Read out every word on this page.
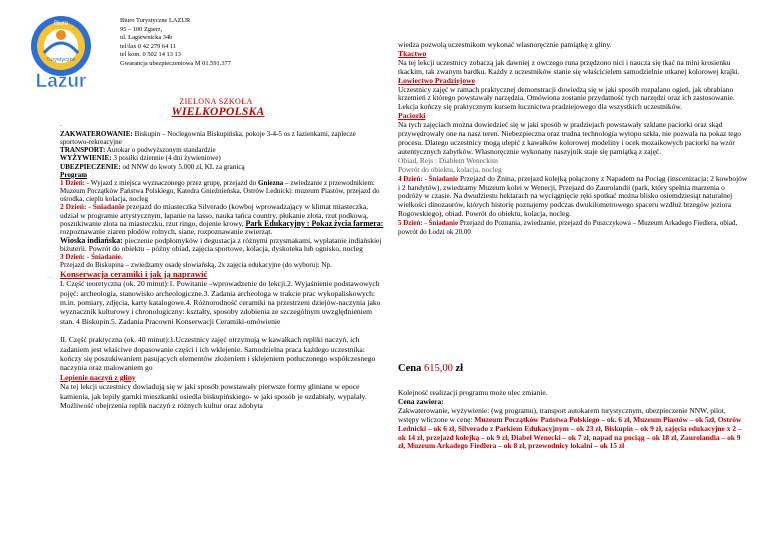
Biuro
Turystyczne
Lazur
Biuro Turystyczne LAZUR
95 – 100 Zgierz,
ul. Łagiewnicka 34b
tel/fax 0 42 279 64 11
tel kom. 0 502 14 13 13
Gwarancja ubezpieczeniowa M 01.591.377
ZIELONA SZKOŁA
WIELKOPOLSKA

-

ZAKWATEROWANIE: Biskupin – Noclegownia Biskupińska, pokoje 3-4-5 os z łazienkami, zaplecze sportowo-rekreacyjne

TRANSPORT: Autokar o podwyższonym standardzie

WYŻYWIENIE: 3 posiłki dziennie (4 dni żywieniowe)

UBEZPIECZENIE: od NNW do kwoty 5.000 zł, KL za granicą

Program

1 Dzień: - Wyjazd z miejsca wyznaczonego przez grupę, przejazd do Gniezna – zwiedzanie z przewodnikiem: Muzeum Początków Państwa Polskiego, Katedra Gnieźnieńska, Ostrów Lednicki: muzeum Piastów, przejazd do ośrodka, cieplu kolacja, nocleg

2 Dzień: - Śniadanie przejazd do miasteczka Silverado (kowboj wprowadzający w klimat miasteczka, udział w programie artystycznym, łapanie na lasso, nauka tańca country, płukanie złota, rzut podkową, poszukiwanie złota na miasteczku, rzut ringo, dojenie krowy, Park Edukacyjny : Pokaz życia farmera: rozpoznawanie ziaren płodów rolnych, siane, rozpoznawanie zwierząt.

Wioska indiańska: pieczenie podpłomyków i degustacja z różnymi przysmakami, wyplatanie indiańskiej biżuterii. Powrót do obiektu – późny obiad, zajęcia sportowe, kolacja, dyskoteka lub ognisko, nocleg

3 Dzień: - Śniadanie.

Przejazd do Biskupina – zwiedzamy osadę słowiańską, 2x zajęcia edukacyjne (do wyboru): Np.

Konserwacja ceramiki i jak ją naprawić

I. Część teoretyczna (ok. 20 minut):1. Powitanie –wprowadzenie do lekcji.2. Wyjaśnienie podstawowych pojęć: archeologia, stanowisko archeologiczne.3. Zadania archeologa w trakcie prac wykopaliskowych: m.in. pomiary, zdjęcia, karty katalogowe.4. Różnorodność ceramiki na przestrzeni dziejów-naczynia jako wyznacznik kulturowy i chronologiczny: kształty, sposoby zdobienia ze szczególnym uwzględnieniem stan. 4 Biskupin.5. Zadania Pracowni Konserwacji Ceramiki-omówienie

II. Część praktyczna (ok. 40 minut):1.Uczestnicy zajęć otrzymują w kawałkach repliki naczyń, ich zadaniem jest właściwe dopasowanie części i ich wklejenie. Samodzielna praca każdego uczestnika: kończy się poszukiwaniem pasujących elementów złożeniem i sklejeniem potłuczonego współczesnego naczynia oraz malowaniem go

Lepienie naczyń z gliny

Na tej lekcji uczestnicy dowiadują się w jaki sposób powstawały pierwsze formy gliniane w epoce kamienia, jak lepiły garnki mieszkanki osiedla biskupińskiego- w jaki sposób je ozdabiały, wypalały. Możliwość obejrzenia replik naczyń z różnych kultur oraz zdobyta

wiedza pozwolą uczestnikom wykonać własnoręcznie pamiątkę z gliny.

Tkactwo

Na tej lekcji uczestnicy zobaczą jak dawniej z owczego runa przędzono nici i naucza się tkać na mini krosienku tkackim, tak zwanym bardku. Każdy z uczestników stanie się właścicielem samodzielnie utkanej kolorowej krajki.

Łowiectwo Pradziejowe

Uczestnicy zajęć w ramach praktycznej demonstracji dowiedzą się w jaki sposób rozpalano ogień, jak obrabiano krzemień z którego powstawały narzędzia. Omówiona zostanie przydatność tych narzędzi oraz ich zastosowanie. Lekcja kończy się praktycznym kursem łucznictwa pradziejowego dla wszystkich uczestników.

Paciorki

Na tych zajęciach można dowiedzieć się w jaki sposób w pradziejach powstawały szklane paciorki oraz skąd przywędrowały one na nasz teren. Niebezpieczna oraz trudna technologia wytopu szkła, nie pozwala na pokaz tego procesu. Dlatego uczestnicy mogą ulepić z kawałków kolorowej modeliny i ocek mozaikowych paciorki na wzór autentycznych zabytków. Własnoręcznie wykonany naszyjnik staje się pamiątką z zajęć.

Obiad, Rejs : Diabłem Weneckim

Powrót do obiektu, kolacja, nocleg

4 Dzień: - Śniadanie Przejazd do Żnina, przejazd kolejką połączony z Napadem na Pociąg (inscenizacja: 2 kowbojów i 2 bandytów), zwiedzamy Muzeum kolei w Wenecji, Przejazd do Zaurolandii (park, który spełnia marzenia o podróży w czasie. Na dwudziestu hektarach na wyciągnięcie ręki spotkać można blisko osiemdziesiąt naturalnej wielkości dinozaurów, których historię poznajemy podczas dwukilometrowego spaceru wzdłuż brzegów jeziora Rogowskiego), obiad. Powrót do obiektu, kolacja, nocleg.

5 Dzień: - Śniadanie Przejazd do Poznania, zwiedzanie, przejazd do Puszczykowa – Muzeum Arkadego Fiedlera, obiad, powrót do Łodzi ok 20.00

Cena 615,00 zł

Kolejność realizacji programu może ulec zmianie.

Cena zawiera:

Zakwaterowanie, wyżywienie: (wg programu), transport autokarem turystycznym, ubezpieczenie NNW, pilot, wstępy wliczone w cenę: Muzeum Początków Państwa Polskiego – ok. 6 zł, Muzeum Piastów – ok 5zł, Ostrów Lednicki – ok 6 zł, Silverado z Parkiem Edukacyjnym – ok 23 zł, Biskupin – ok 9 zł, zajęcia edukacyjne x 2 – ok 14 zł, przejazd kolejką – ok 9 zł, Diabeł Wenecki – ok 7 zł, napad na pociąg – ok 18 zł, Zaurolandia – ok 9 zł, Muzeum Arkadego Fiedlera – ok 8 zł, przewodnicy lokalni – ok 15 zł
